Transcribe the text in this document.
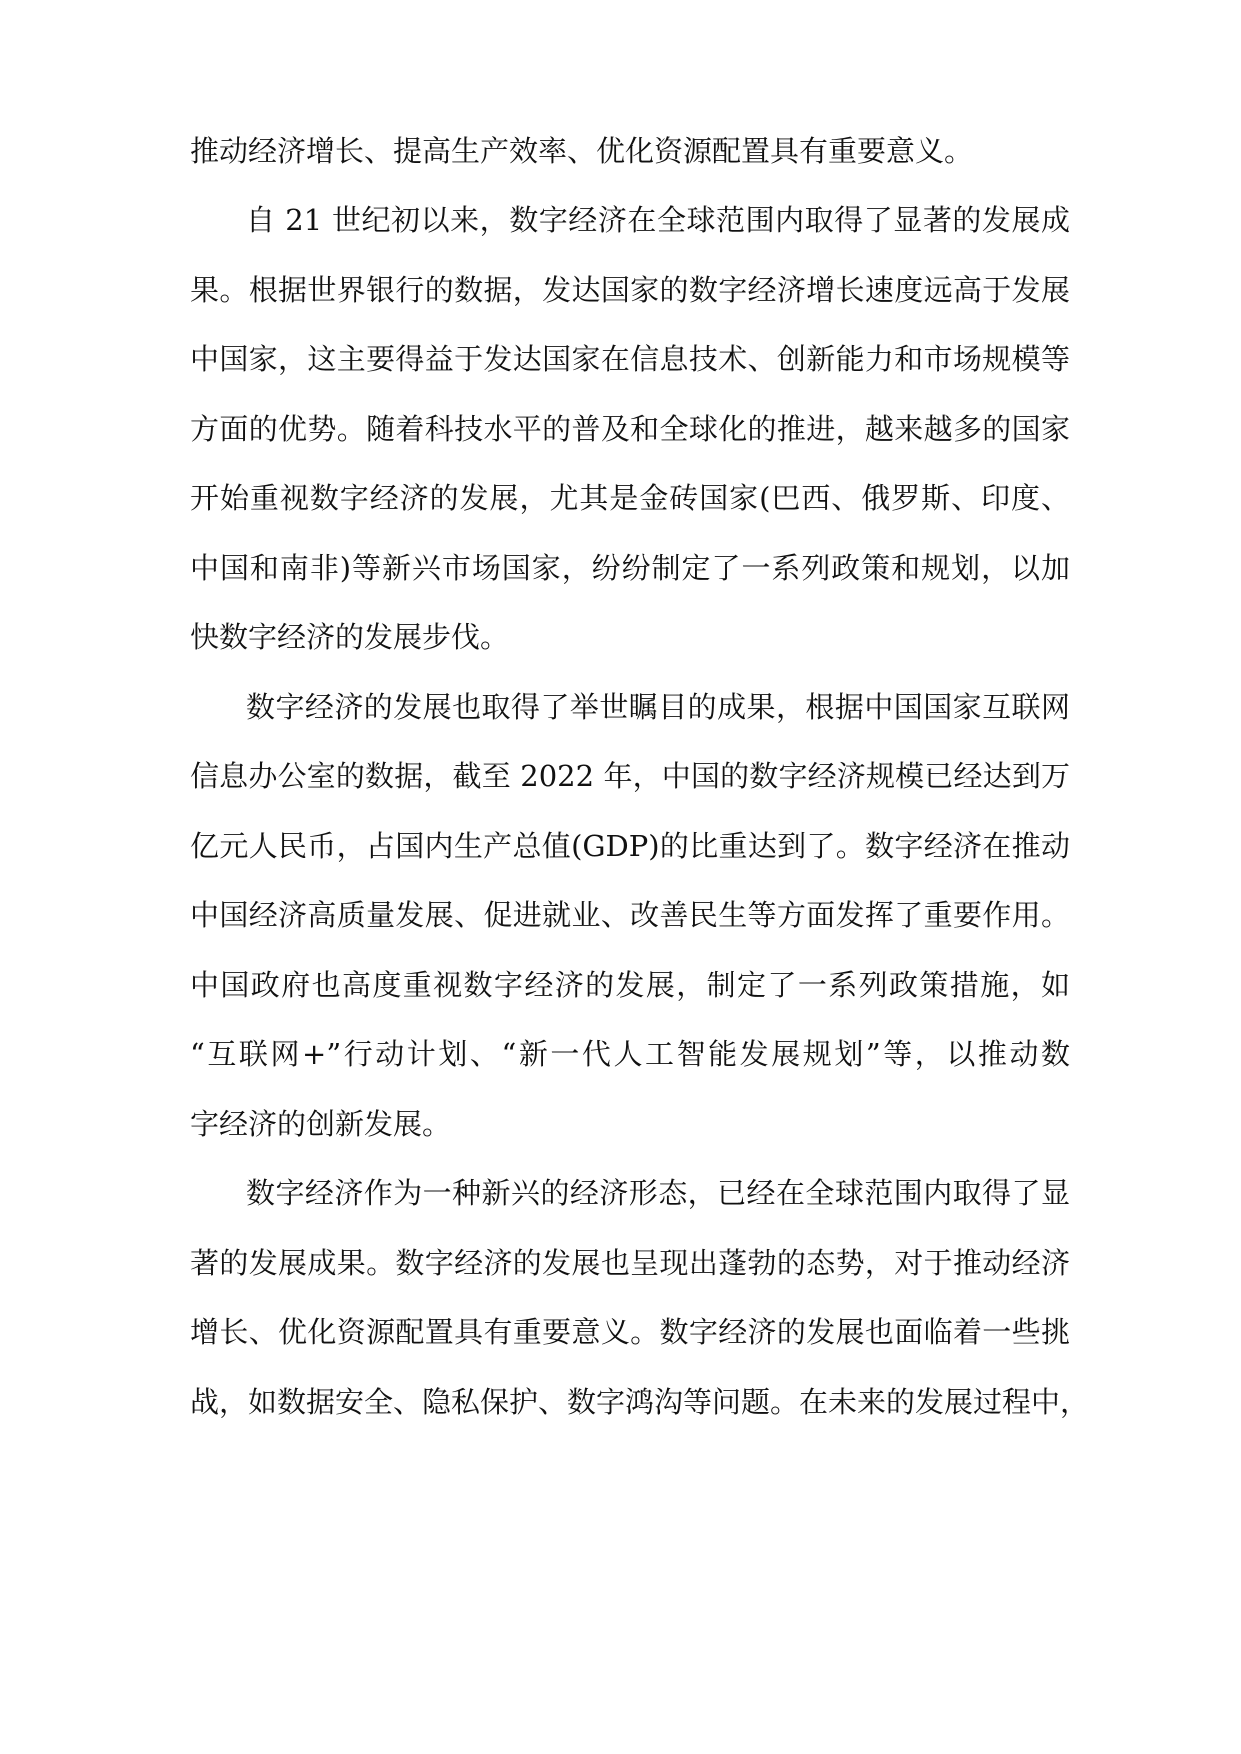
推动经济增长、提高生产效率、优化资源配置具有重要意义。
自 21 世纪初以来，数字经济在全球范围内取得了显著的发展成
果。根据世界银行的数据，发达国家的数字经济增长速度远高于发展
中国家，这主要得益于发达国家在信息技术、创新能力和市场规模等
方面的优势。随着科技水平的普及和全球化的推进，越来越多的国家
开始重视数字经济的发展，尤其是金砖国家(巴西、俄罗斯、印度、
中国和南非)等新兴市场国家，纷纷制定了一系列政策和规划，以加
快数字经济的发展步伐。
数字经济的发展也取得了举世瞩目的成果，根据中国国家互联网
信息办公室的数据，截至 2022 年，中国的数字经济规模已经达到万
亿元人民币，占国内生产总值(GDP)的比重达到了。数字经济在推动
中国经济高质量发展、促进就业、改善民生等方面发挥了重要作用。
中国政府也高度重视数字经济的发展，制定了一系列政策措施，如
“互联网+”行动计划、“新一代人工智能发展规划”等，以推动数
字经济的创新发展。
数字经济作为一种新兴的经济形态，已经在全球范围内取得了显
著的发展成果。数字经济的发展也呈现出蓬勃的态势，对于推动经济
增长、优化资源配置具有重要意义。数字经济的发展也面临着一些挑
战，如数据安全、隐私保护、数字鸿沟等问题。在未来的发展过程中，
